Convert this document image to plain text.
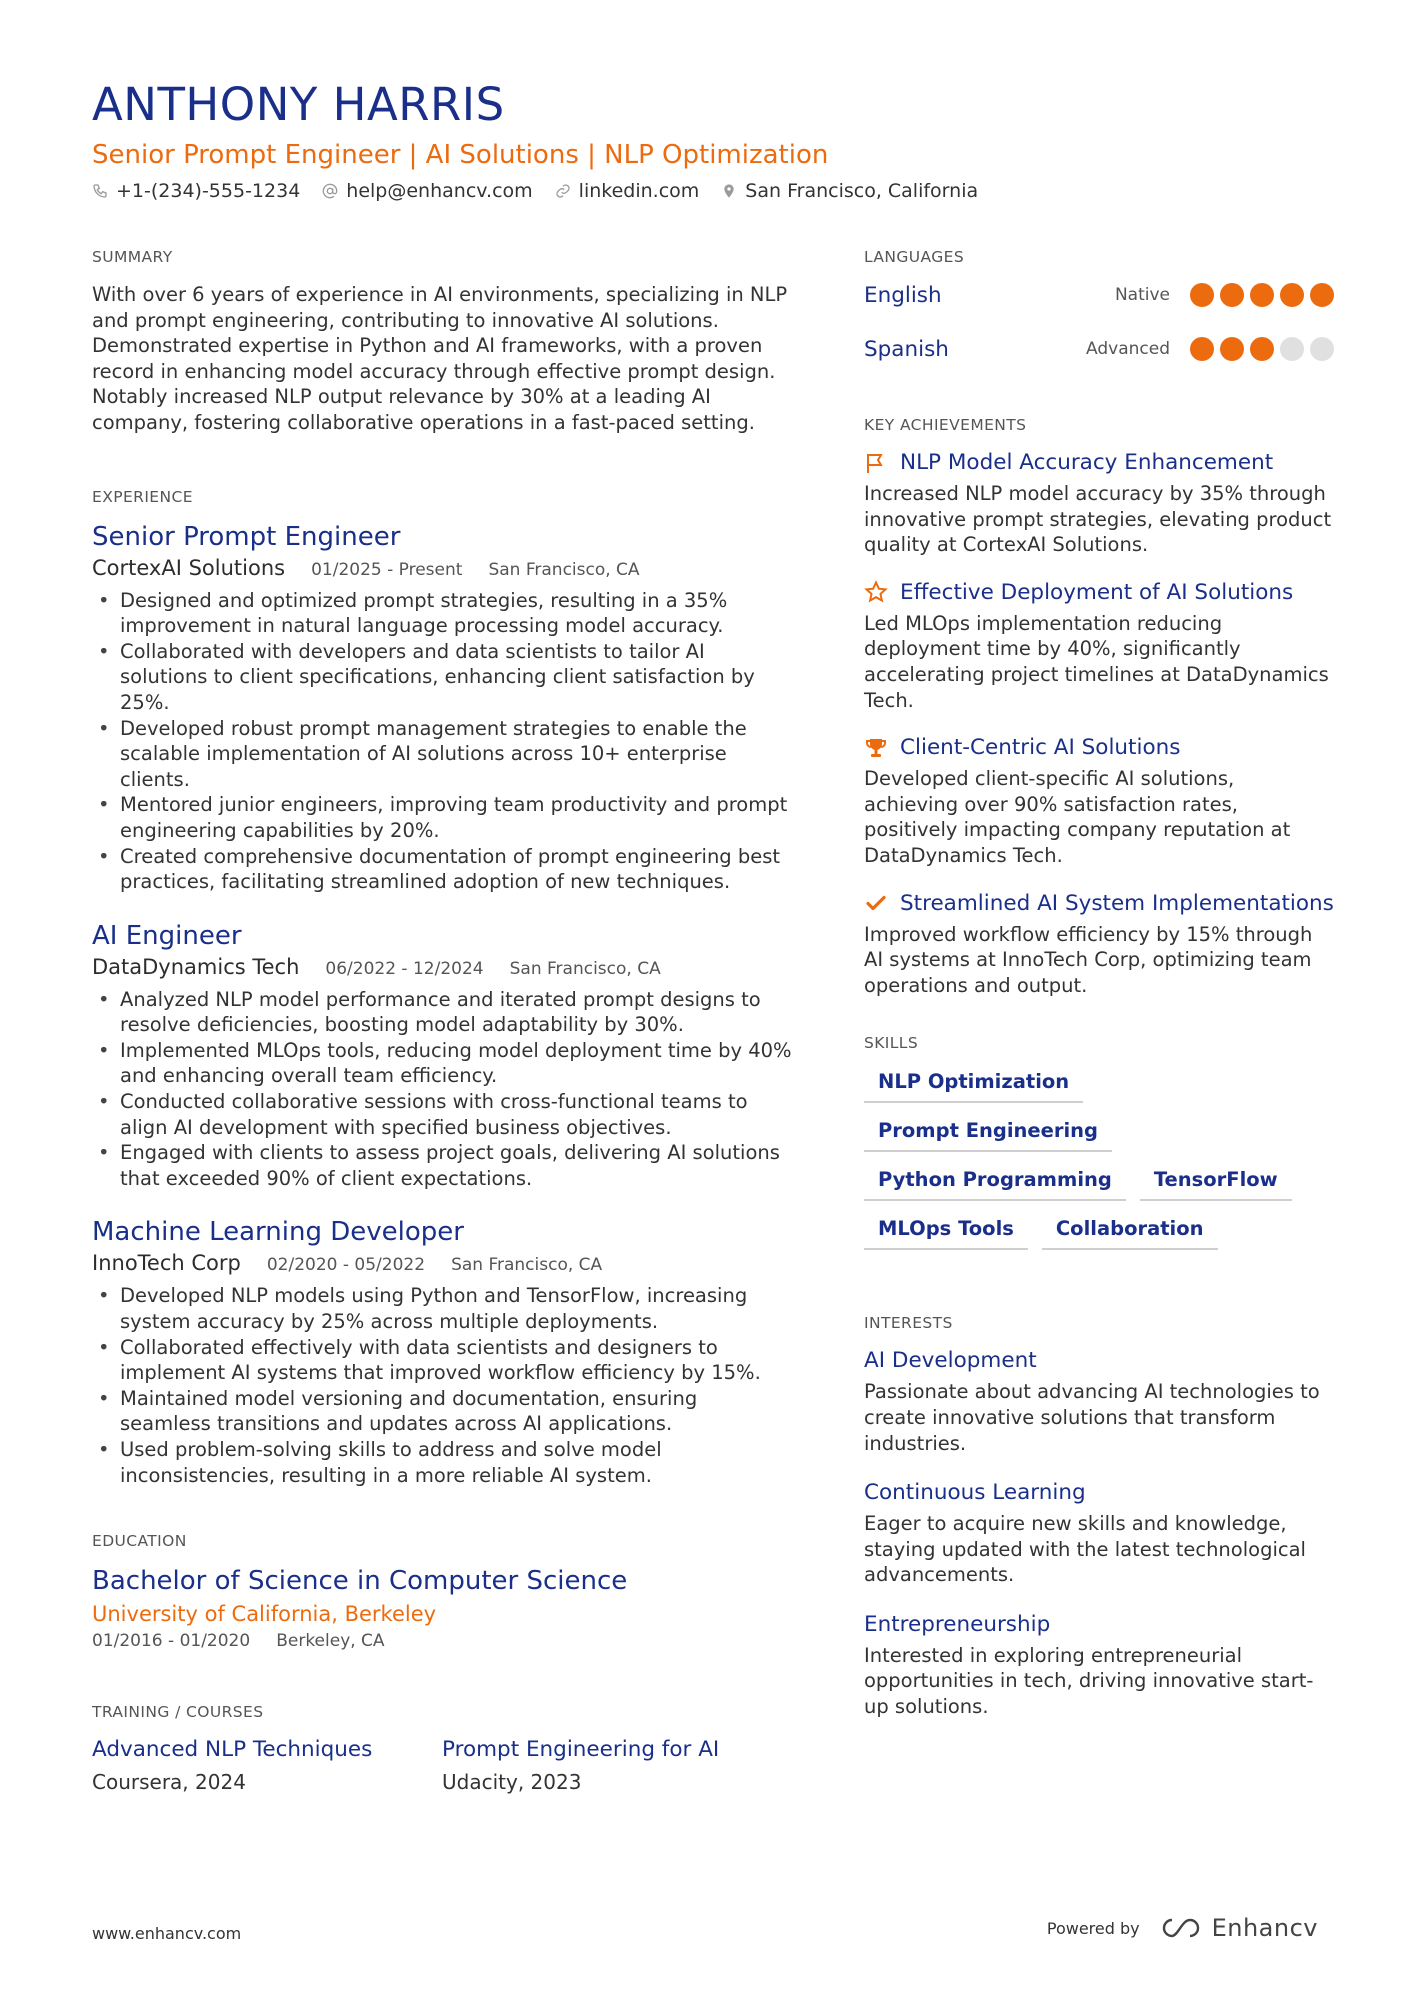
ANTHONY HARRIS
Senior Prompt Engineer | AI Solutions | NLP Optimization
+1-(234)-555-1234 help@enhancv.com linkedin.com San Francisco, California
SUMMARY

With over 6 years of experience in AI environments, specializing in NLP and prompt engineering, contributing to innovative AI solutions. Demonstrated expertise in Python and AI frameworks, with a proven record in enhancing model accuracy through effective prompt design. Notably increased NLP output relevance by 30% at a leading AI company, fostering collaborative operations in a fast-paced setting.

EXPERIENCE
Senior Prompt Engineer
CortexAI Solutions 01/2025 - Present San Francisco, CA
• Designed and optimized prompt strategies, resulting in a 35% improvement in natural language processing model accuracy.
• Collaborated with developers and data scientists to tailor AI solutions to client specifications, enhancing client satisfaction by 25%.
• Developed robust prompt management strategies to enable the scalable implementation of AI solutions across 10+ enterprise clients.
• Mentored junior engineers, improving team productivity and prompt engineering capabilities by 20%.
• Created comprehensive documentation of prompt engineering best practices, facilitating streamlined adoption of new techniques.
AI Engineer
DataDynamics Tech 06/2022 - 12/2024 San Francisco, CA
• Analyzed NLP model performance and iterated prompt designs to resolve deficiencies, boosting model adaptability by 30%.
• Implemented MLOps tools, reducing model deployment time by 40% and enhancing overall team efficiency.
• Conducted collaborative sessions with cross-functional teams to align AI development with specified business objectives.
• Engaged with clients to assess project goals, delivering AI solutions that exceeded 90% of client expectations.
Machine Learning Developer
InnoTech Corp 02/2020 - 05/2022 San Francisco, CA
• Developed NLP models using Python and TensorFlow, increasing system accuracy by 25% across multiple deployments.
• Collaborated effectively with data scientists and designers to implement AI systems that improved workflow efficiency by 15%.
• Maintained model versioning and documentation, ensuring seamless transitions and updates across AI applications.
• Used problem-solving skills to address and solve model inconsistencies, resulting in a more reliable AI system.
EDUCATION
Bachelor of Science in Computer Science
University of California, Berkeley
01/2016 - 01/2020 Berkeley, CA
TRAINING / COURSES
Advanced NLP Techniques
Coursera, 2024
Prompt Engineering for AI
Udacity, 2023
LANGUAGES
English	Native
Spanish	Advanced
KEY ACHIEVEMENTS
NLP Model Accuracy Enhancement

Increased NLP model accuracy by 35% through innovative prompt strategies, elevating product quality at CortexAI Solutions.

Effective Deployment of AI Solutions

Led MLOps implementation reducing deployment time by 40%, significantly accelerating project timelines at DataDynamics Tech.

Client-Centric AI Solutions

Developed client-specific AI solutions, achieving over 90% satisfaction rates, positively impacting company reputation at DataDynamics Tech.

Streamlined AI System Implementations

Improved workflow efficiency by 15% through AI systems at InnoTech Corp, optimizing team operations and output.

SKILLS
NLP Optimization
Prompt Engineering
Python Programming	TensorFlow
MLOps Tools	Collaboration
INTERESTS
AI Development

Passionate about advancing AI technologies to create innovative solutions that transform industries.

Continuous Learning

Eager to acquire new skills and knowledge, staying updated with the latest technological advancements.

Entrepreneurship

Interested in exploring entrepreneurial opportunities in tech, driving innovative start-up solutions.

www.enhancv.com	Powered by	Enhancv
